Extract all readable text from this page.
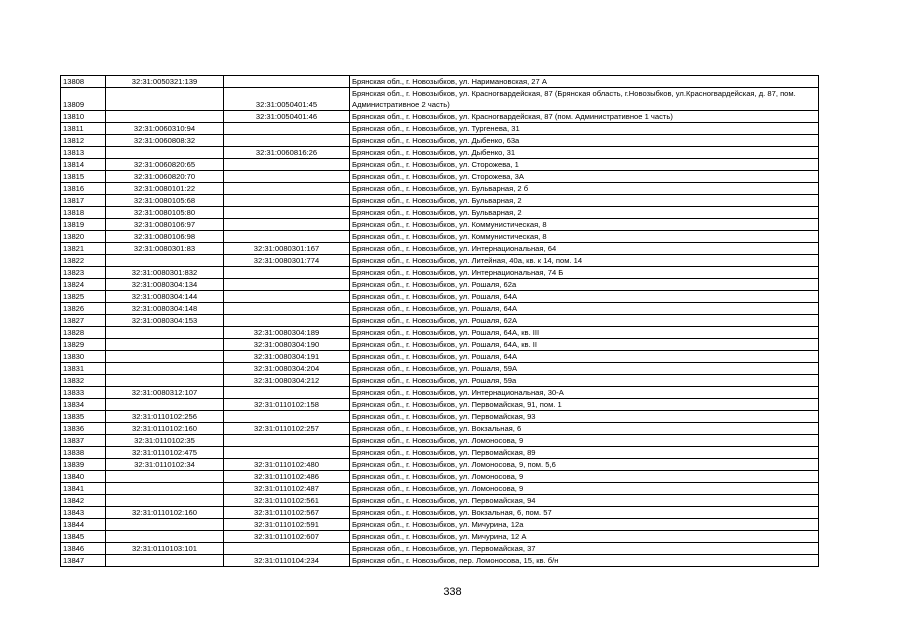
13808	32:31:0050321:139		Брянская обл., г. Новозыбков, ул. Наримановская, 27 А
13809		32:31:0050401:45	Брянская обл., г. Новозыбков, ул. Красногвардейская, 87 (Брянская область, г.Новозыбков, ул.Красногвардейская, д. 87, пом. Административное 2 часть)
13810		32:31:0050401:46	Брянская обл., г. Новозыбков, ул. Красногвардейская, 87 (пом. Административное 1 часть)
13811	32:31:0060310:94		Брянская обл., г. Новозыбков, ул. Тургенева, 31
13812	32:31:0060808:32		Брянская обл., г. Новозыбков, ул. Дыбенко, 63а
13813		32:31:0060816:26	Брянская обл., г. Новозыбков, ул. Дыбенко, 31
13814	32:31:0060820:65		Брянская обл., г. Новозыбков, ул. Сторожева, 1
13815	32:31:0060820:70		Брянская обл., г. Новозыбков, ул. Сторожева, 3А
13816	32:31:0080101:22		Брянская обл., г. Новозыбков, ул. Бульварная, 2 б
13817	32:31:0080105:68		Брянская обл., г. Новозыбков, ул. Бульварная, 2
13818	32:31:0080105:80		Брянская обл., г. Новозыбков, ул. Бульварная, 2
13819	32:31:0080106:97		Брянская обл., г. Новозыбков, ул. Коммунистическая, 8
13820	32:31:0080106:98		Брянская обл., г. Новозыбков, ул. Коммунистическая, 8
13821	32:31:0080301:83	32:31:0080301:167	Брянская обл., г. Новозыбков, ул. Интернациональная, 64
13822		32:31:0080301:774	Брянская обл., г. Новозыбков, ул. Литейная, 40а, кв. к 14, пом. 14
13823	32:31:0080301:832		Брянская обл., г. Новозыбков, ул. Интернациональная, 74 Б
13824	32:31:0080304:134		Брянская обл., г. Новозыбков, ул. Рошаля, 62а
13825	32:31:0080304:144		Брянская обл., г. Новозыбков, ул. Рошаля, 64А
13826	32:31:0080304:148		Брянская обл., г. Новозыбков, ул. Рошаля, 64А
13827	32:31:0080304:153		Брянская обл., г. Новозыбков, ул. Рошаля, 62А
13828		32:31:0080304:189	Брянская обл., г. Новозыбков, ул. Рошаля, 64А, кв. III
13829		32:31:0080304:190	Брянская обл., г. Новозыбков, ул. Рошаля, 64А, кв. II
13830		32:31:0080304:191	Брянская обл., г. Новозыбков, ул. Рошаля, 64А
13831		32:31:0080304:204	Брянская обл., г. Новозыбков, ул. Рошаля, 59А
13832		32:31:0080304:212	Брянская обл., г. Новозыбков, ул. Рошаля, 59а
13833	32:31:0080312:107		Брянская обл., г. Новозыбков, ул. Интернациональная, 30-А
13834		32:31:0110102:158	Брянская обл., г. Новозыбков, ул. Первомайская, 91, пом. 1
13835	32:31:0110102:256		Брянская обл., г. Новозыбков, ул. Первомайская, 93
13836	32:31:0110102:160	32:31:0110102:257	Брянская обл., г. Новозыбков, ул. Вокзальная, 6
13837	32:31:0110102:35		Брянская обл., г. Новозыбков, ул. Ломоносова, 9
13838	32:31:0110102:475		Брянская обл., г. Новозыбков, ул. Первомайская, 89
13839	32:31:0110102:34	32:31:0110102:480	Брянская обл., г. Новозыбков, ул. Ломоносова, 9, пом. 5,6
13840		32:31:0110102:486	Брянская обл., г. Новозыбков, ул. Ломоносова, 9
13841		32:31:0110102:487	Брянская обл., г. Новозыбков, ул. Ломоносова, 9
13842		32:31:0110102:561	Брянская обл., г. Новозыбков, ул. Первомайская, 94
13843	32:31:0110102:160	32:31:0110102:567	Брянская обл., г. Новозыбков, ул. Вокзальная, 6, пом. 57
13844		32:31:0110102:591	Брянская обл., г. Новозыбков, ул. Мичурина, 12а
13845		32:31:0110102:607	Брянская обл., г. Новозыбков, ул. Мичурина, 12 А
13846	32:31:0110103:101		Брянская обл., г. Новозыбков, ул. Первомайская, 37
13847		32:31:0110104:234	Брянская обл., г. Новозыбков, пер. Ломоносова, 15, кв. б/н
338
